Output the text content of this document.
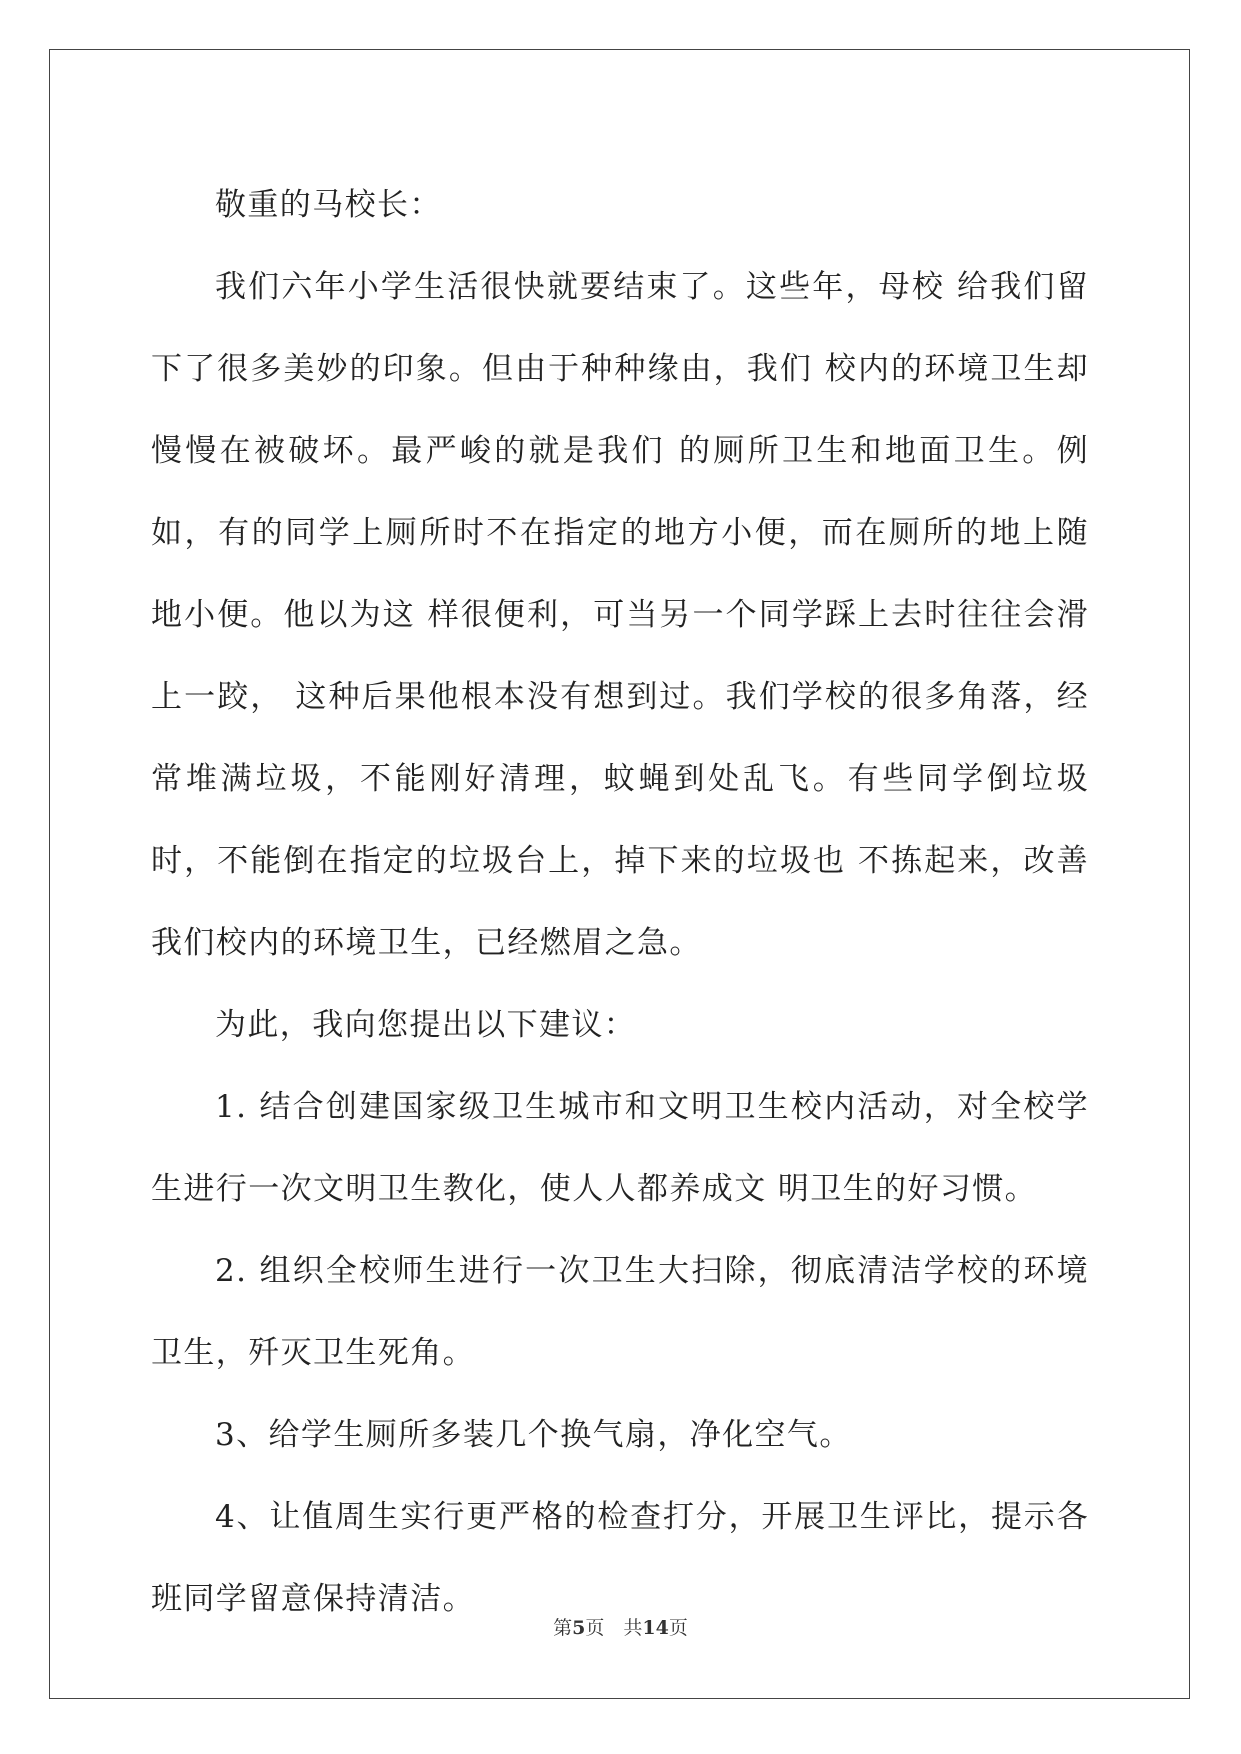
敬重的马校长：

我们六年小学生活很快就要结束了。这些年，母校 给我们留下了很多美妙的印象。但由于种种缘由，我们 校内的环境卫生却慢慢在被破坏。最严峻的就是我们 的厕所卫生和地面卫生。例如，有的同学上厕所时不在指定的地方小便，而在厕所的地上随地小便。他以为这 样很便利，可当另一个同学踩上去时往往会滑上一跤， 这种后果他根本没有想到过。我们学校的很多角落，经 常堆满垃圾，不能刚好清理，蚊蝇到处乱飞。有些同学倒垃圾时，不能倒在指定的垃圾台上，掉下来的垃圾也 不拣起来，改善我们校内的环境卫生，已经燃眉之急。

为此，我向您提出以下建议：

1. 结合创建国家级卫生城市和文明卫生校内活动，对全校学生进行一次文明卫生教化，使人人都养成文 明卫生的好习惯。

2. 组织全校师生进行一次卫生大扫除，彻底清洁学校的环境卫生，歼灭卫生死角。

3、给学生厕所多装几个换气扇，净化空气。

4、让值周生实行更严格的检查打分，开展卫生评比，提示各班同学留意保持清洁。

第5页　 共14页
